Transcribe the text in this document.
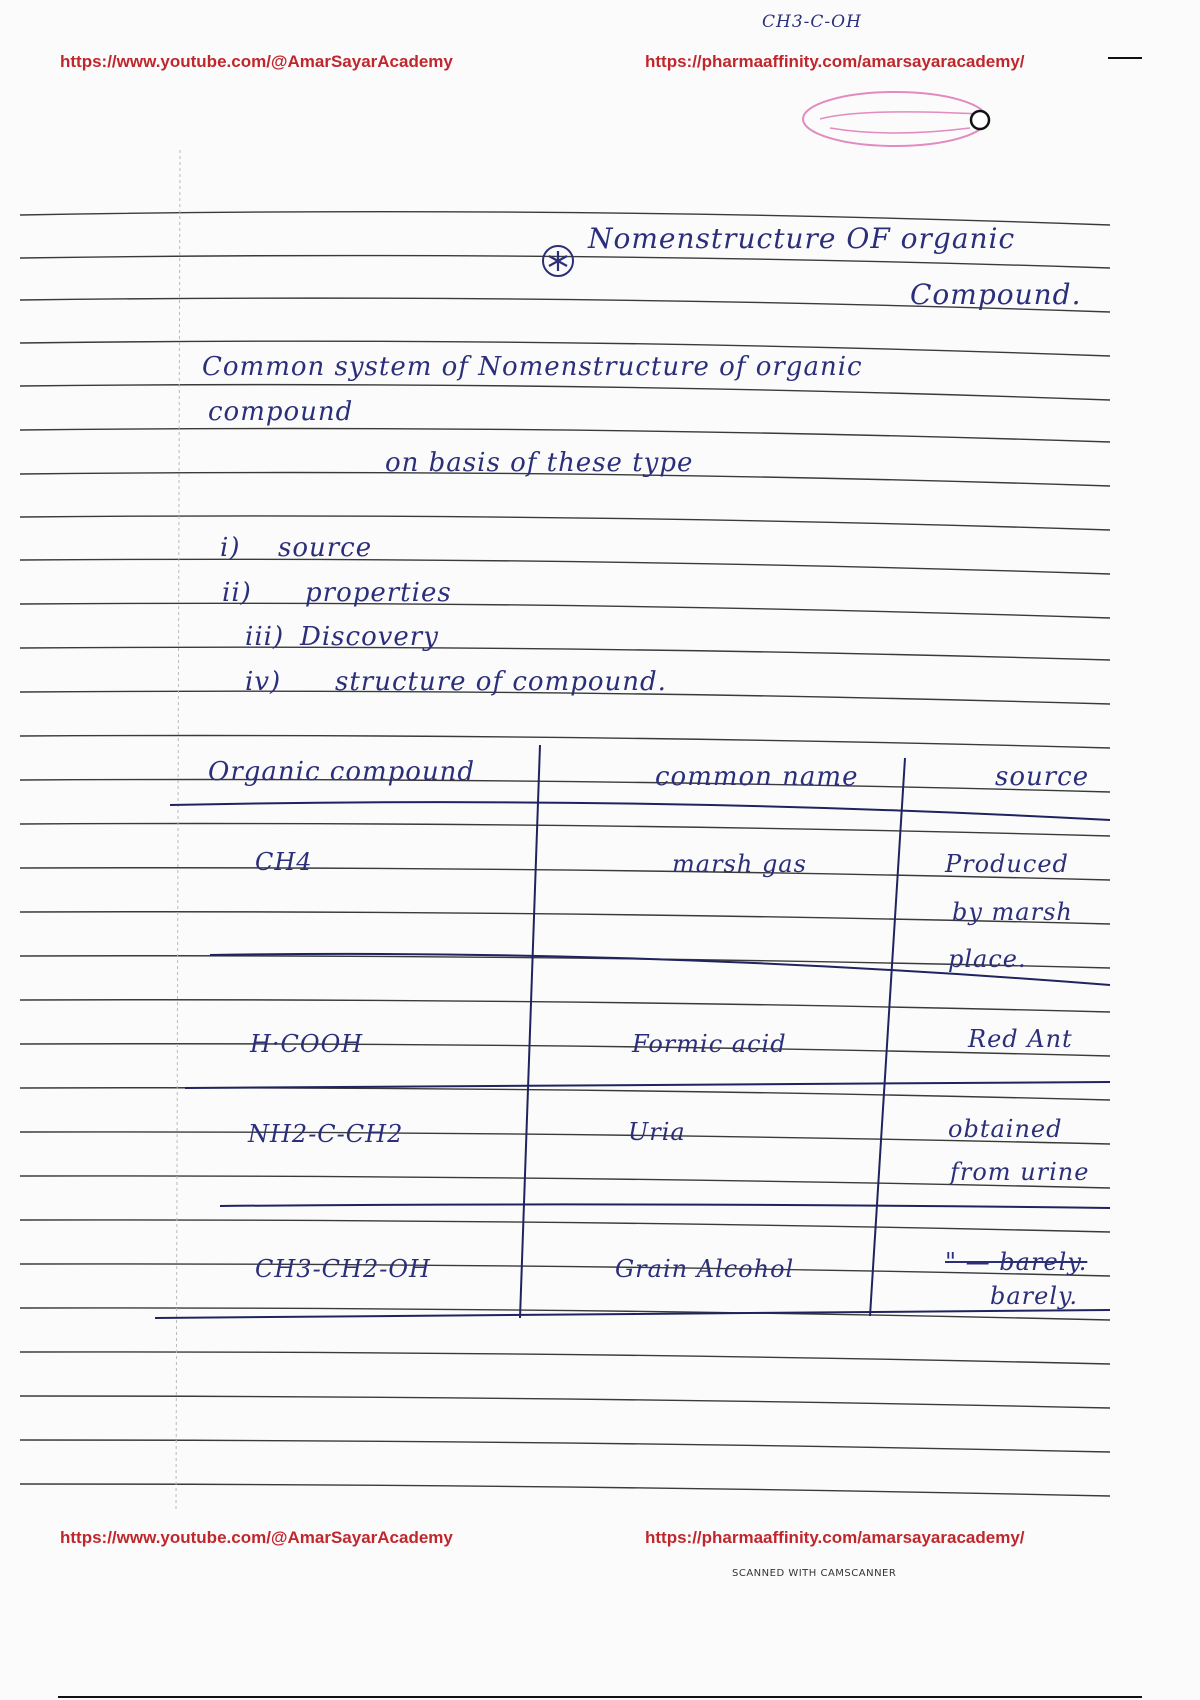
https://www.youtube.com/@AmarSayarAcademy	https://pharmaaffinity.com/amarsayaracademy/
CH3-C-OH
Nomenstructure OF organic
Compound.
Common system of Nomenstructure of organic
compound
on basis of these type
i) source
ii) properties
iii) Discovery
iv) structure of compound.
Organic compound	common name	source
CH4	marsh gas	Produced
by marsh
place.
H·COOH	Formic acid	Red Ant
NH2-C-CH2	Uria	obtained
from urine
CH3-CH2-OH	Grain Alcohol	" — barely.
barely.
https://www.youtube.com/@AmarSayarAcademy	https://pharmaaffinity.com/amarsayaracademy/
SCANNED WITH CAMSCANNER
